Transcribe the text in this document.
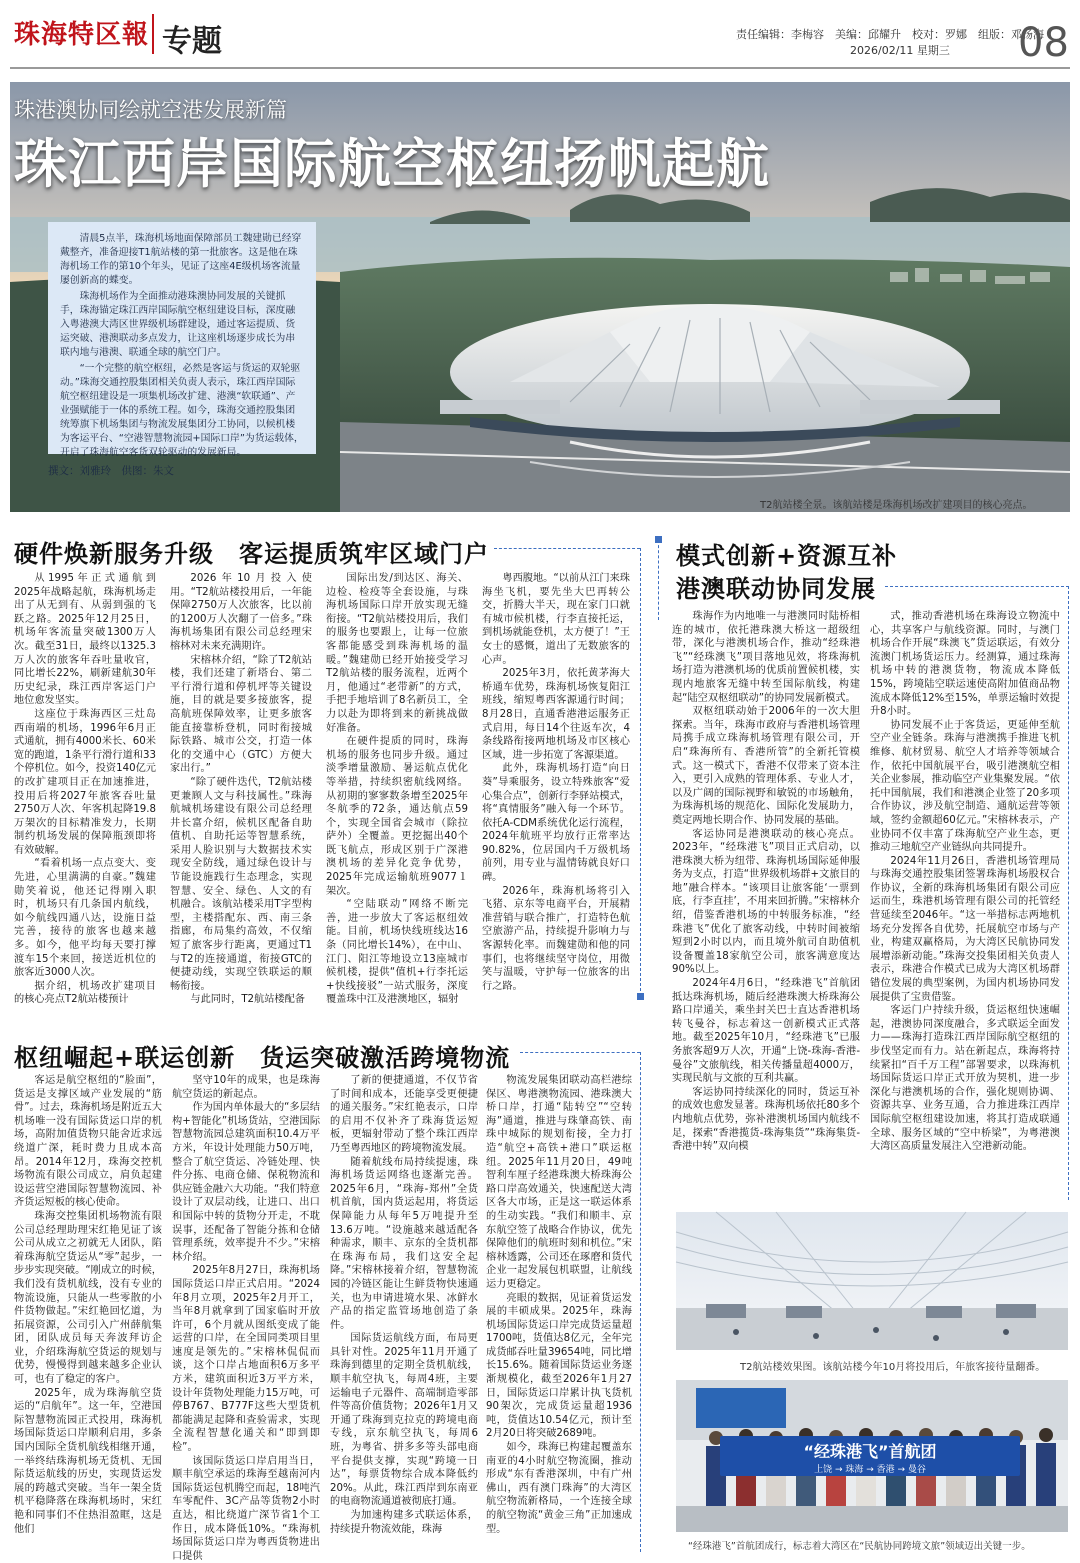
珠海特区報 专题	责任编辑：李梅容　美编：邱耀升　校对：罗娜　组版：邓扬海
2026/02/11 星期三 08
珠港澳协同绘就空港发展新篇
珠江西岸国际航空枢纽扬帆起航

清晨5点半，珠海机场地面保障部员工魏建勋已经穿戴整齐，准备迎接T1航站楼的第一批旅客。这是他在珠海机场工作的第10个年头，见证了这座4E级机场客流量屡创新高的蝶变。

珠海机场作为全面推动港珠澳协同发展的关键抓手，珠海锚定珠江西岸国际航空枢纽建设目标，深度融入粤港澳大湾区世界级机场群建设，通过客运提质、货运突破、港澳联动多点发力，让这座机场逐步成长为串联内地与港澳、联通全球的航空门户。

“一个完整的航空枢纽，必然是客运与货运的双轮驱动。”珠海交通控股集团相关负责人表示，珠江西岸国际航空枢纽建设是一项集机场改扩建、港澳“软联通”、产业强赋能于一体的系统工程。如今，珠海交通控股集团统筹旗下机场集团与物流发展集团分工协同，以候机楼为客运平台、“空港智慧物流园+国际口岸”为货运载体，开启了珠海航空客货双轮驱动的发展新局。

撰文：刘雅玲　供图：朱文
T2航站楼全景。该航站楼是珠海机场改扩建项目的核心亮点。
硬件焕新服务升级　客运提质筑牢区域门户

从1995年正式通航到2025年战略起航，珠海机场走出了从无到有、从弱到强的飞跃之路。2025年12月25日，机场年客流量突破1300万人次。截至31日，最终以1325.3万人次的旅客年吞吐量收官，同比增长22%，刷新建航30年历史纪录，珠江西岸客运门户地位愈发坚实。

这座位于珠海西区三灶岛西南端的机场，1996年6月正式通航，拥有4000米长、60米宽的跑道，1条平行滑行道和33个停机位。如今，投资140亿元的改扩建项目正在加速推进，投用后将2027年旅客吞吐量2750万人次、年客机起降19.8万架次的目标精准发力，长期制约机场发展的保障瓶颈即将有效破解。

“看着机场一点点变大、变先进，心里满满的自豪。”魏建勋笑着说，他还记得刚入职时，机场只有几条国内航线，如今航线四通八达，设施日益完善，接待的旅客也越来越多。如今，他平均每天要打撑渡车15个来回，接送近机位的旅客近3000人次。

据介绍，机场改扩建项目的核心亮点T2航站楼预计

2026年10月投入使用。“T2航站楼投用后，一年能保障2750万人次旅客，比以前的1200万人次翻了一倍多。”珠海机场集团有限公司总经理宋榕林对未来充满期许。

宋榕林介绍，“除了T2航站楼，我们还建了新塔台、第二平行滑行道和停机坪等关键设施，目的就是要多接旅客，提高航班保障效率，让更多旅客能直接靠桥登机，同时衔接城际铁路、城市公交，打造一体化的交通中心（GTC）方便大家出行。”

“除了硬件迭代，T2航站楼更兼顾人文与科技属性。”珠海航城机场建设有限公司总经理井长富介绍，候机区配备自助值机、自助托运等智慧系统，采用人脸识别与大数据技术实现安全防线，通过绿色设计与节能设施践行生态理念，实现智慧、安全、绿色、人文的有机融合。该航站楼采用T字型构型，主楼搭配东、西、南三条指廊，布局集约高效，不仅缩短了旅客步行距离，更通过T1与T2的连接通道，衔接GTC的便捷动线，实现空铁联运的顺畅衔接。

与此同时，T2航站楼配备

国际出发/到达区、海关、边检、检疫等全套设施，与珠海机场国际口岸开放实现无缝衔接。“T2航站楼投用后，我们的服务也要跟上，让每一位旅客都能感受到珠海机场的温暖。”魏建勋已经开始接受学习T2航站楼的服务流程，近两个月，他通过“老带新”的方式，手把手地培训了8名新员工，全力以赴为即将到来的新挑战做好准备。

在硬件提质的同时，珠海机场的服务也同步升级。通过淡季增量激励、暑运航点优化等举措，持续织密航线网络。从初期的寥寥数条增至2025年冬航季的72条，通达航点59个，实现全国省会城市（除拉萨外）全覆盖。更挖掘出40个既飞航点，形成区别于广深港澳机场的差异化竞争优势，2025年完成运输航班9077１架次。

“空陆联动”网络不断完善，进一步放大了客运枢纽效能。目前，机场快线班线达16条（同比增长14%），在中山、江门、阳江等地设立13座城市候机楼，提供“值机+行李托运+快线接驳”一站式服务，深度覆盖珠中江及港澳地区，辐射

粤西腹地。“以前从江门来珠海坐飞机，要先坐大巴再转公交，折腾大半天，现在家门口就有城市候机楼，行李直接托运，到机场就能登机，太方便了！”王女士的感慨，道出了无数旅客的心声。

2025年3月，依托黄茅海大桥通车优势，珠海机场恢复阳江班线，缩短粤西客源通行时间；8月28日，直通香港港运服务正式启用，每日14个往返车次，4条线路衔接两地机场及市区核心区域，进一步拓宽了客源渠道。

此外，珠海机场打造“向日葵”导乘服务，设立特殊旅客“爱心集合点”，创新行李驿站模式，将“真情服务”融入每一个环节。依托A-CDM系统优化运行流程，2024年航班平均放行正常率达90.82%，位居国内千万级机场前列，用专业与温情铸就良好口碑。

2026年，珠海机场将引入飞猪、京东等电商平台，开展精准营销与联合推广，打造特色航空旅游产品，持续提升影响力与客源转化率。而魏建勋和他的同事们，也将继续坚守岗位，用微笑与温暖，守护每一位旅客的出行之路。

模式创新+资源互补
港澳联动协同发展

珠海作为内地唯一与港澳同时陆桥相连的城市，依托港珠澳大桥这一超级纽带，深化与港澳机场合作，推动“经珠港飞”“经珠澳飞”项目落地见效，将珠海机场打造为港澳机场的优质前置候机楼，实现内地旅客无缝中转至国际航线，构建起“陆空双枢纽联动”的协同发展新模式。

双枢纽联动始于2006年的一次大胆探索。当年，珠海市政府与香港机场管理局携手成立珠海机场管理有限公司，开启“珠海所有、香港所管”的全新托管模式。这一模式下，香港不仅带来了资本注入，更引入成熟的管理体系、专业人才，以及广阔的国际视野和敏锐的市场触角，为珠海机场的规范化、国际化发展助力，奠定两地长期合作、协同发展的基础。

客运协同是港澳联动的核心亮点。2023年，“经珠港飞”项目正式启动，以港珠澳大桥为纽带、珠海机场国际延伸服务为支点，打造“世界级机场群+文旅目的地”融合样本。“该项目让旅客能‘一票到底，行李直挂’，不用来回折腾。”宋榕林介绍，借鉴香港机场的中转服务标准，“经珠港飞”优化了旅客动线，中转时间被缩短到2小时以内，而且境外航司自助值机设备覆盖18家航空公司，旅客满意度达90%以上。

2024年4月6日，“经珠港飞”首航团抵达珠海机场，随后经港珠澳大桥珠海公路口岸通关，乘坐封关巴士直达香港机场转飞曼谷，标志着这一创新模式正式落地。截至2025年10月，“经珠港飞”已服务旅客超9万人次，开通“上饶-珠海-香港-曼谷”文旅航线，相关传播量超4000万，实现民航与文旅的互利共赢。

客运协同持续深化的同时，货运互补的成效也愈发显著。珠海机场依托80多个内地航点优势，弥补港澳机场国内航线不足，探索“香港揽货-珠海集货”“珠海集货-香港中转”双向模

式，推动香港机场在珠海设立物流中心，共享客户与航线资源。同时，与澳门机场合作开展“珠澳飞”货运联运，有效分流澳门机场货运压力。经测算，通过珠海机场中转的港澳货物，物流成本降低15%，跨境陆空联运速使高附加值商品物流成本降低12%至15%，单票运输时效提升8小时。

协同发展不止于客货运，更延伸至航空产业全链条。珠海与港澳携手推进飞机维修、航材贸易、航空人才培养等领域合作，依托中国航展平台，吸引港澳航空相关企业参展，推动临空产业集聚发展。“依托中国航展，我们和港澳企业签了20多项合作协议，涉及航空制造、通航运营等领域，签约金额超60亿元。”宋榕林表示，产业协同不仅丰富了珠海航空产业生态，更推动三地航空产业链纵向共同提升。

2024年11月26日，香港机场管理局与珠海交通控股集团签署珠海机场股权合作协议，全新的珠海机场集团有限公司应运而生，珠港机场管理有限公司的托管经营延续至2046年。“这一举措标志两地机场充分发挥各自优势，托展航空市场与产业，构建双赢格局，为大湾区民航协同发展增添新动能。”珠海交投集团相关负责人表示，珠港合作模式已成为大湾区机场群错位发展的典型案例，为国内机场协同发展提供了宝贵借鉴。

客运门户持续升级，货运枢纽快速崛起，港澳协同深度融合，多式联运全面发力——珠海打造珠江西岸国际航空枢纽的步伐坚定而有力。站在新起点，珠海将持续紧扣“百千万工程”部署要求，以珠海机场国际货运口岸正式开放为契机，进一步深化与港澳机场的合作，强化规则协调、资源共享、业务互通，合力推进珠江西岸国际航空枢纽建设加速，将其打造成联通全球、服务区域的“空中桥梁”，为粤港澳大湾区高质量发展注入空港新动能。

枢纽崛起+联运创新　货运突破激活跨境物流

客运是航空枢纽的“脸面”，货运是支撑区域产业发展的“筋骨”。过去，珠海机场是附近五大机场唯一没有国际货运口岸的机场，高附加值货物只能舍近求远绕道广深，耗时费力且成本高昂。2014年12月，珠海交控机场物流有限公司成立，肩负起建设运营空港国际智慧物流园、补齐货运短板的核心使命。

珠海交控集团机场物流有限公司总经理助理宋红艳见证了该公司从成立之初就无人团队，陷着珠海航空货运从“零”起步，一步步实现突破。“刚成立的时候，我们没有货机航线，没有专业的物流设施，只能从一些零散的小件货物做起。”宋红艳回忆道，为拓展资源，公司引入广州薛航集团，团队成员每天奔波拜访企业，介绍珠海航空货运的规划与优势，慢慢得到越来越多企业认可，也有了稳定的客户。

2025年，成为珠海航空货运的“启航年”。这一年，空港国际智慧物流园正式投用，珠海机场国际货运口岸顺利启用，多条国内国际全货机航线相继开通，一举终结珠海机场无货机、无国际货运航线的历史，实现货运发展的跨越式突破。当年一架全货机平稳降落在珠海机场时，宋红艳和同事们不住热泪盈眶，这是他们

坚守10年的成果，也是珠海航空货运的新起点。

作为国内单体最大的“多层结构+智能化”机场货站，空港国际智慧物流园总建筑面积10.4万平方米，年设计处理能力50万吨，整合了航空货运、冷链处理、快件分拣、电商仓储、保税物流和供应链金融六大功能。“我们特意设计了双层动线，让进口、出口和国际中转的货物分开走，不耽误事，还配备了智能分拣和仓储管理系统，效率提升不少。”宋榕林介绍。

2025年8月27日，珠海机场国际货运口岸正式启用。“2024年8月立项，2025年2月开工，当年8月就拿到了国家临时开放许可，6个月就从图纸变成了能运营的口岸，在全国同类项目里速度是领先的。”宋榕林侃侃而谈，这个口岸占地面积6万多平方米，建筑面积近3万平方米，设计年货物处理能力15万吨，可停B767、B777F这些大型货机都能满足起降和查验需求，实现全流程智慧化通关和“即到即检”。

该国际货运口岸启用当日，顺丰航空承运的珠海至越南河内国际货运包机腾空而起，18吨汽车零配件、3C产品等货物2小时直达，相比绕道广深节省1个工作日，成本降低10%。“珠海机场国际货运口岸为粤西货物进出口提供

了新的便捷通道，不仅节省了时间和成本，还能享受更便捷的通关服务。”宋红艳表示，口岸的启用不仅补齐了珠海货运短板，更辐射带动了整个珠江西岸乃至粤西地区的跨境物流发展。

随着航线布局持续提速，珠海机场货运网络也逐渐完善。2025年6月，“珠海-郑州”全货机首航，国内货运起用，将货运保障能力从每年5万吨提升至13.6万吨。“设施越来越适配各种需求，顺丰、京东的全货机都在珠海布局，我们这安全起降。”宋榕林接着介绍，智慧物流园的冷链区能让生鲜货物快速通关，也为申请进境水果、冰鲜水产品的指定监管场地创造了条件。

国际货运航线方面，布局更具针对性。2025年11月开通了珠海到德里的定期全货机航线，顺丰航空执飞，每周4班，主要运输电子元器件、高端制造零部件等高价值货物；2026年1月又开通了珠海到克拉克的跨境电商专线，京东航空执飞，每周6班，为粤省、拼多多等头部电商平台提供支撑，实现“跨境一日达”，每票货物综合成本降低约20%。从此，珠江西岸到东南亚的电商物流通道被彻底打通。

为加速构建多式联运体系，持续提升物流效能，珠海

物流发展集团联动高栏港综保区、粤港澳物流园、港珠澳大桥口岸，打通“陆转空”“空转海”通道，推进与珠肇高铁、南珠中城际的规划衔接，全力打造“航空+高铁+港口”联运枢纽。2025年11月20日，49吨智利车厘子经港珠澳大桥珠海公路口岸高效通关，快速配送大湾区各大市场，正是这一联运体系的生动实践。“我们和顺丰、京东航空签了战略合作协议，优先保障他们的航班时刻和机位。”宋榕林透露，公司还在琢磨和货代企业一起发展包机联盟，让航线运力更稳定。

亮眼的数据，见证着货运发展的丰硕成果。2025年，珠海机场国际货运口岸完成货运量超1700吨，货值达8亿元，全年完成货邮吞吐量39654吨，同比增长15.6%。随着国际货运业务逐渐规模化，截至2026年1月27日，国际货运口岸累计执飞货机90架次，完成货运量超1936吨，货值达10.54亿元，预计至2月20日将突破2689吨。

如今，珠海已构建起覆盖东南亚的4小时航空物流圈，推动形成“东有香港深圳，中有广州佛山，西有澳门珠海”的大湾区航空物流新格局，一个连接全球的航空物流“黄金三角”正加速成型。

T2航站楼效果图。该航站楼今年10月将投用后，年旅客接待量翻番。
“经珠港飞”首航团
上饶 → 珠海 → 香港 → 曼谷
“经珠港飞”首航团成行，标志着大湾区在“民航协同跨境文旅”领域迈出关键一步。
